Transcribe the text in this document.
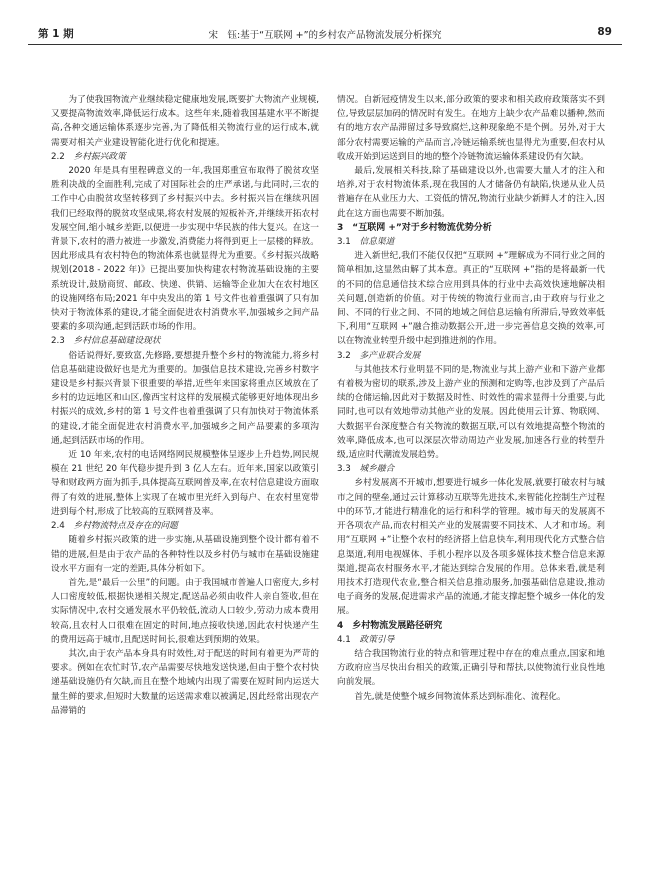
第 1 期	宋　钰:基于“互联网 +”的乡村农产品物流发展分析探究	89

为了使我国物流产业继续稳定健康地发展,既要扩大物流产业规模,又要提高物流效率,降低运行成本。这些年来,随着我国基建水平不断提高,各种交通运输体系逐步完善,为了降低相关物流行业的运行成本,就需要对相关产业建设智能化进行优化和提速。

2.2　 乡村振兴政策

2020 年是具有里程碑意义的一年,我国郑重宣布取得了脱贫攻坚胜利决战的全面胜利,完成了对国际社会的庄严承诺,与此同时,三农的工作中心由脱贫攻坚转移到了乡村振兴中去。乡村振兴旨在继续巩固我们已经取得的脱贫攻坚成果,将农村发展的短板补齐,并继续开拓农村发展空间,缩小城乡差距,以便进一步实现中华民族的伟大复兴。在这一背景下,农村的潜力被进一步激发,消费能力将得到更上一层楼的释放。因此形成具有农村特色的物流体系也就显得尤为重要。《乡村振兴战略规划(2018 - 2022 年)》已提出要加快构建农村物流基础设施的主要系统设计,鼓励商贸、邮政、快递、供销、运输等企业加大在农村地区的设施网络布局;2021 年中央发出的第 1 号文件也着重强调了只有加快对于物流体系的建设,才能全面促进农村消费水平,加强城乡之间产品要素的多项沟通,起到活跃市场的作用。

2.3　 乡村信息基础建设现状

俗话说得好,要致富,先修路,要想提升整个乡村的物流能力,将乡村信息基础建设做好也是尤为重要的。加强信息技术建设,完善乡村数字建设是乡村振兴背景下很重要的举措,近些年来国家将重点区域放在了乡村的边远地区和山区,像西宝村这样的发展模式能够更好地体现出乡村振兴的成效,乡村的第 1 号文件也着重强调了只有加快对于物流体系的建设,才能全面促进农村消费水平,加强城乡之间产品要素的多项沟通,起到活跃市场的作用。

近 10 年来,农村的电话网络网民规模整体呈逐步上升趋势,网民规模在 21 世纪 20 年代稳步提升到 3 亿人左右。近年来,国家以政策引导和财政两方面为抓手,具体提高互联网普及率,在农村信息建设方面取得了有效的进展,整体上实现了在城市里光纤入到每户、在农村里宽带进到每个村,形成了比较高的互联网普及率。

2.4　 乡村物流特点及存在的问题

随着乡村振兴政策的进一步实施,从基础设施到整个设计都有着不错的进展,但是由于农产品的各种特性以及乡村仍与城市在基础设施建设水平方面有一定的差距,具体分析如下。

首先,是“最后一公里”的问题。由于我国城市普遍人口密度大,乡村人口密度较低,根据快递相关规定,配送品必须由收件人亲自签收,但在实际情况中,农村交通发展水平仍较低,流动人口较少,劳动力成本费用较高,且农村人口很难在固定的时间,地点接收快递,因此农村快递产生的费用远高于城市,且配送时间长,很难达到预期的效果。

其次,由于农产品本身具有时效性,对于配送的时间有着更为严苛的要求。例如在农忙时节,农产品需要尽快地发送快递,但由于整个农村快递基础设施仍有欠缺,而且在整个地域内出现了需要在短时间内运送大量生鲜的要求,但短时大数量的运送需求难以被满足,因此经常出现农产品滞销的

情况。自新冠疫情发生以来,部分政策的要求和相关政府政策落实不到位,导致层层加码的情况时有发生。在地方上缺少农产品难以播种,然而有的地方农产品滞留过多导致腐烂,这种现象绝不是个例。另外,对于大部分农村需要运输的产品而言,冷链运输系统也显得尤为重要,但农村从收成开始到运送到目的地的整个冷链物流运输体系建设仍有欠缺。

最后,发展相关科技,除了基础建设以外,也需要大量人才的注入和培养,对于农村物流体系,现在我国的人才储备仍有缺陷,快递从业人员普遍存在从业压力大、工资低的情况,物流行业缺少新鲜人才的注入,因此在这方面也需要不断加强。

3　 “互联网 +”对于乡村物流优势分析
3.1　 信息渠道

进入新世纪,我们不能仅仅把“互联网 +”理解成为不同行业之间的简单相加,这显然由解了其本意。真正的“互联网 +”指的是将最新一代的不同的信息通信技术综合应用到具体的行业中去高效快速地解决相关问题,创造新的价值。对于传统的物流行业而言,由于政府与行业之间、不同的行业之间、不同的地域之间信息运输有所滞后,导致效率低下,利用“互联网 +”融合推动数据公开,进一步完善信息交换的效率,可以在物流业转型升级中起到推进剂的作用。

3.2　 多产业联合发展

与其他技术行业明显不同的是,物流业与其上游产业和下游产业都有着极为密切的联系,涉及上游产业的预测和定购等,也涉及到了产品后续的仓储运输,因此对于数据及时性、时效性的需求显得十分重要,与此同时,也可以有效地带动其他产业的发展。因此使用云计算、物联网、大数据平台深度整合有关物流的数据互联,可以有效地提高整个物流的效率,降低成本,也可以深层次带动周边产业发展,加速各行业的转型升级,适应时代潮流发展趋势。

3.3　 城乡融合

乡村发展离不开城市,想要进行城乡一体化发展,就要打破农村与城市之间的壁垒,通过云计算移动互联等先进技术,来智能化控制生产过程中的环节,才能进行精准化的运行和科学的管理。城市每天的发展离不开各项农产品,而农村相关产业的发展需要不同技术、人才和市场。利用“互联网 +”让整个农村的经济搭上信息快车,利用现代化方式整合信息渠道,利用电视媒体、手机小程序以及各项多媒体技术整合信息来源渠道,提高农村服务水平,才能达到综合发展的作用。总体来看,就是利用技术打造现代农业,整合相关信息推动服务,加强基础信息建设,推动电子商务的发展,促进需求产品的流通,才能支撑起整个城乡一体化的发展。

4　 乡村物流发展路径研究
4.1　 政策引导

结合我国物流行业的特点和管理过程中存在的难点重点,国家和地方政府应当尽快出台相关的政策,正确引导和帮扶,以使物流行业良性地向前发展。

首先,就是使整个城乡间物流体系达到标准化、流程化。
